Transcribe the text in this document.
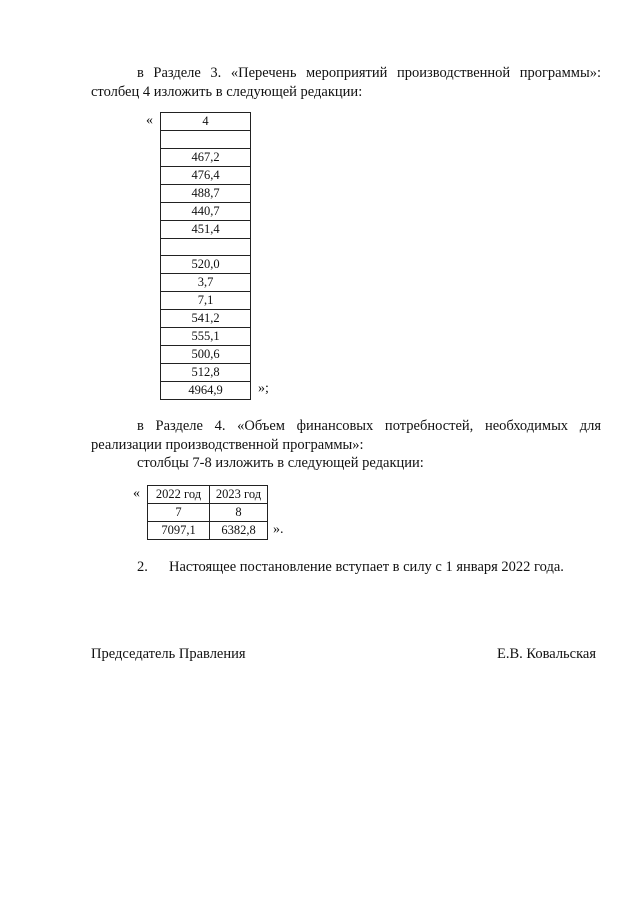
в Разделе 3. «Перечень мероприятий производственной программы»: столбец 4 изложить в следующей редакции:
«	4

467,2
476,4
488,7
440,7
451,4

520,0
3,7
7,1
541,2
555,1
500,6
512,8
4964,9	»;
в Разделе 4. «Объем финансовых потребностей, необходимых для реализации производственной программы»:
столбцы 7-8 изложить в следующей редакции:
« 2022 год	2023 год
7	8
7097,1	6382,8 ».
2. Настоящее постановление вступает в силу с 1 января 2022 года.
Председатель Правления	Е.В. Ковальская
